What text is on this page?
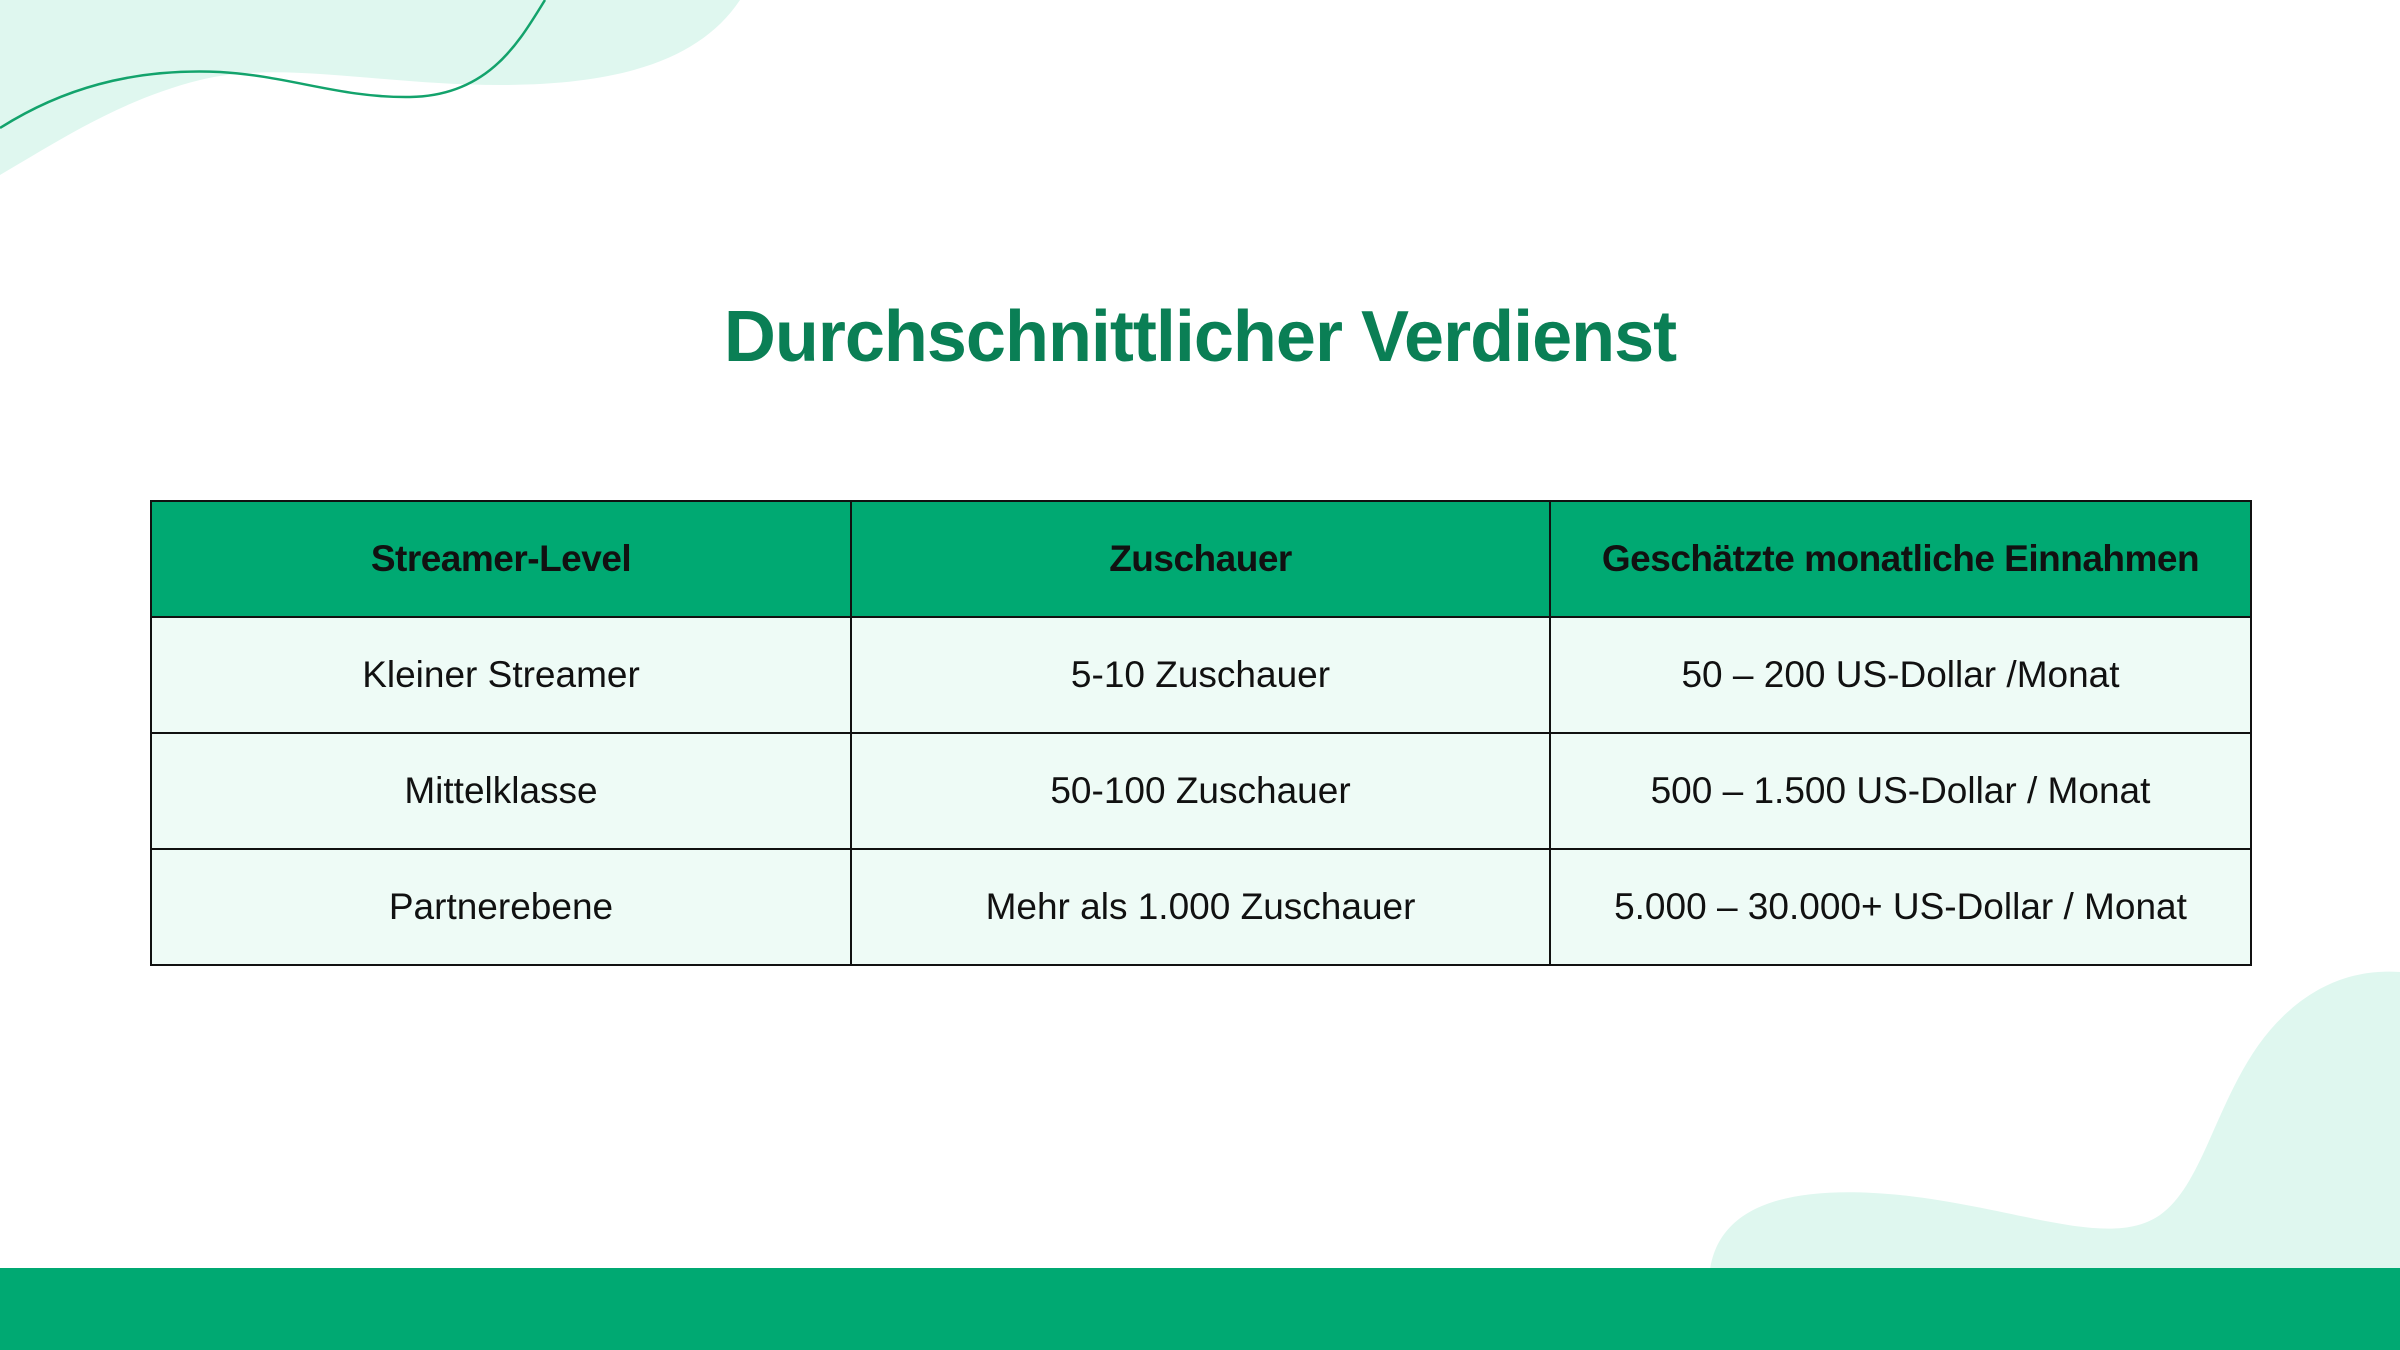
Durchschnittlicher Verdienst
Streamer-Level	Zuschauer	Geschätzte monatliche Einnahmen
Kleiner Streamer	5-10 Zuschauer	50 – 200 US-Dollar /Monat
Mittelklasse	50-100 Zuschauer	500 – 1.500 US-Dollar / Monat
Partnerebene	Mehr als 1.000 Zuschauer	5.000 – 30.000+ US-Dollar / Monat
